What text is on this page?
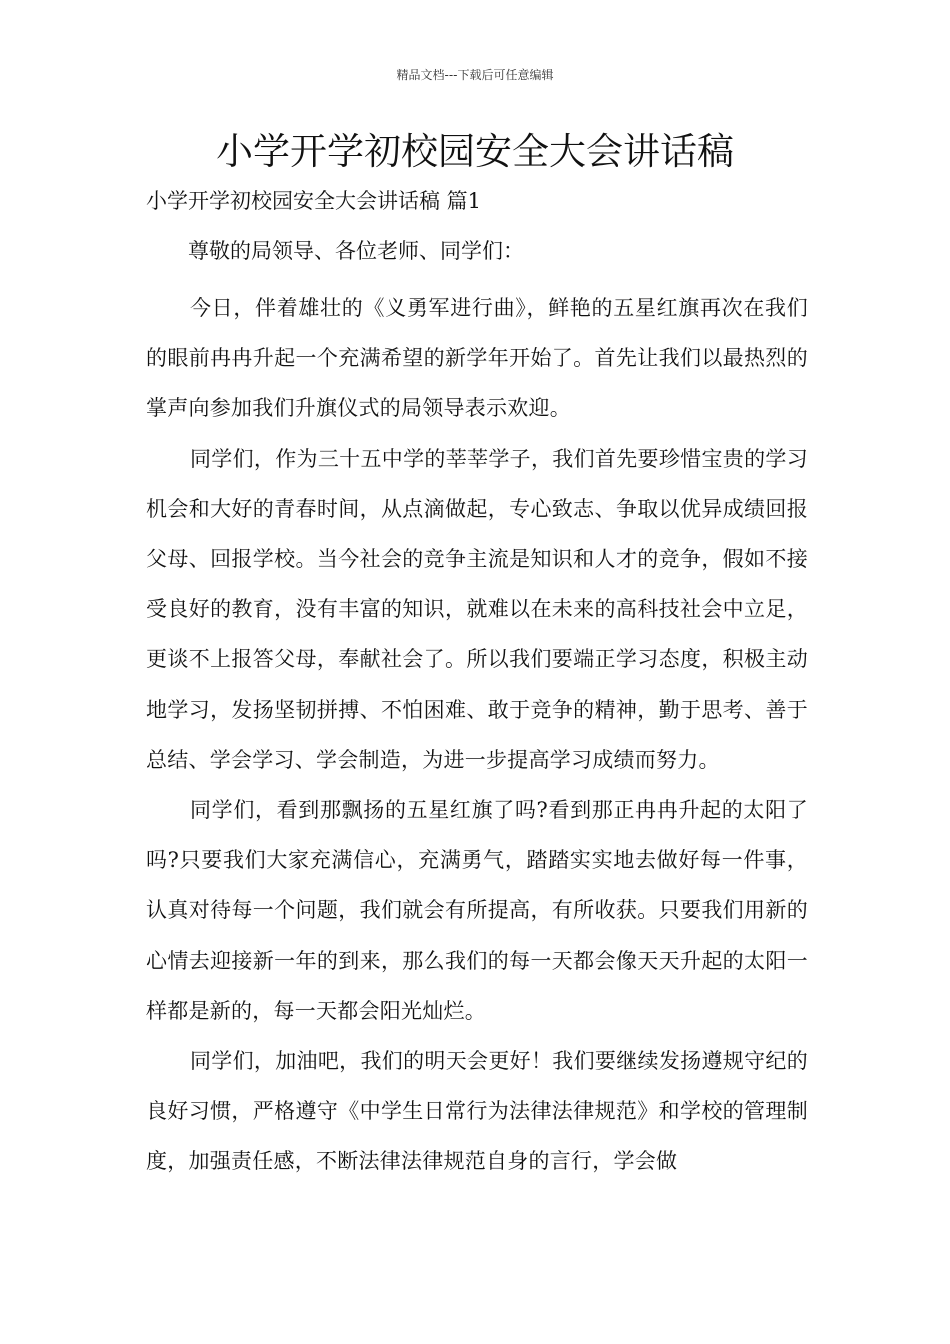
精品文档---下载后可任意编辑
小学开学初校园安全大会讲话稿

小学开学初校园安全大会讲话稿 篇1

尊敬的局领导、各位老师、同学们：

今日，伴着雄壮的《义勇军进行曲》，鲜艳的五星红旗再次在我们的眼前冉冉升起一个充满希望的新学年开始了。首先让我们以最热烈的掌声向参加我们升旗仪式的局领导表示欢迎。

同学们，作为三十五中学的莘莘学子，我们首先要珍惜宝贵的学习机会和大好的青春时间，从点滴做起，专心致志、争取以优异成绩回报父母、回报学校。当今社会的竞争主流是知识和人才的竞争，假如不接受良好的教育，没有丰富的知识，就难以在未来的高科技社会中立足，更谈不上报答父母，奉献社会了。所以我们要端正学习态度，积极主动地学习，发扬坚韧拼搏、不怕困难、敢于竞争的精神，勤于思考、善于总结、学会学习、学会制造，为进一步提高学习成绩而努力。

同学们，看到那飘扬的五星红旗了吗?看到那正冉冉升起的太阳了吗?只要我们大家充满信心，充满勇气，踏踏实实地去做好每一件事，认真对待每一个问题，我们就会有所提高，有所收获。只要我们用新的心情去迎接新一年的到来，那么我们的每一天都会像天天升起的太阳一样都是新的，每一天都会阳光灿烂。

同学们，加油吧，我们的明天会更好！我们要继续发扬遵规守纪的良好习惯，严格遵守《中学生日常行为法律法律规范》和学校的管理制度，加强责任感，不断法律法律规范自身的言行，学会做
